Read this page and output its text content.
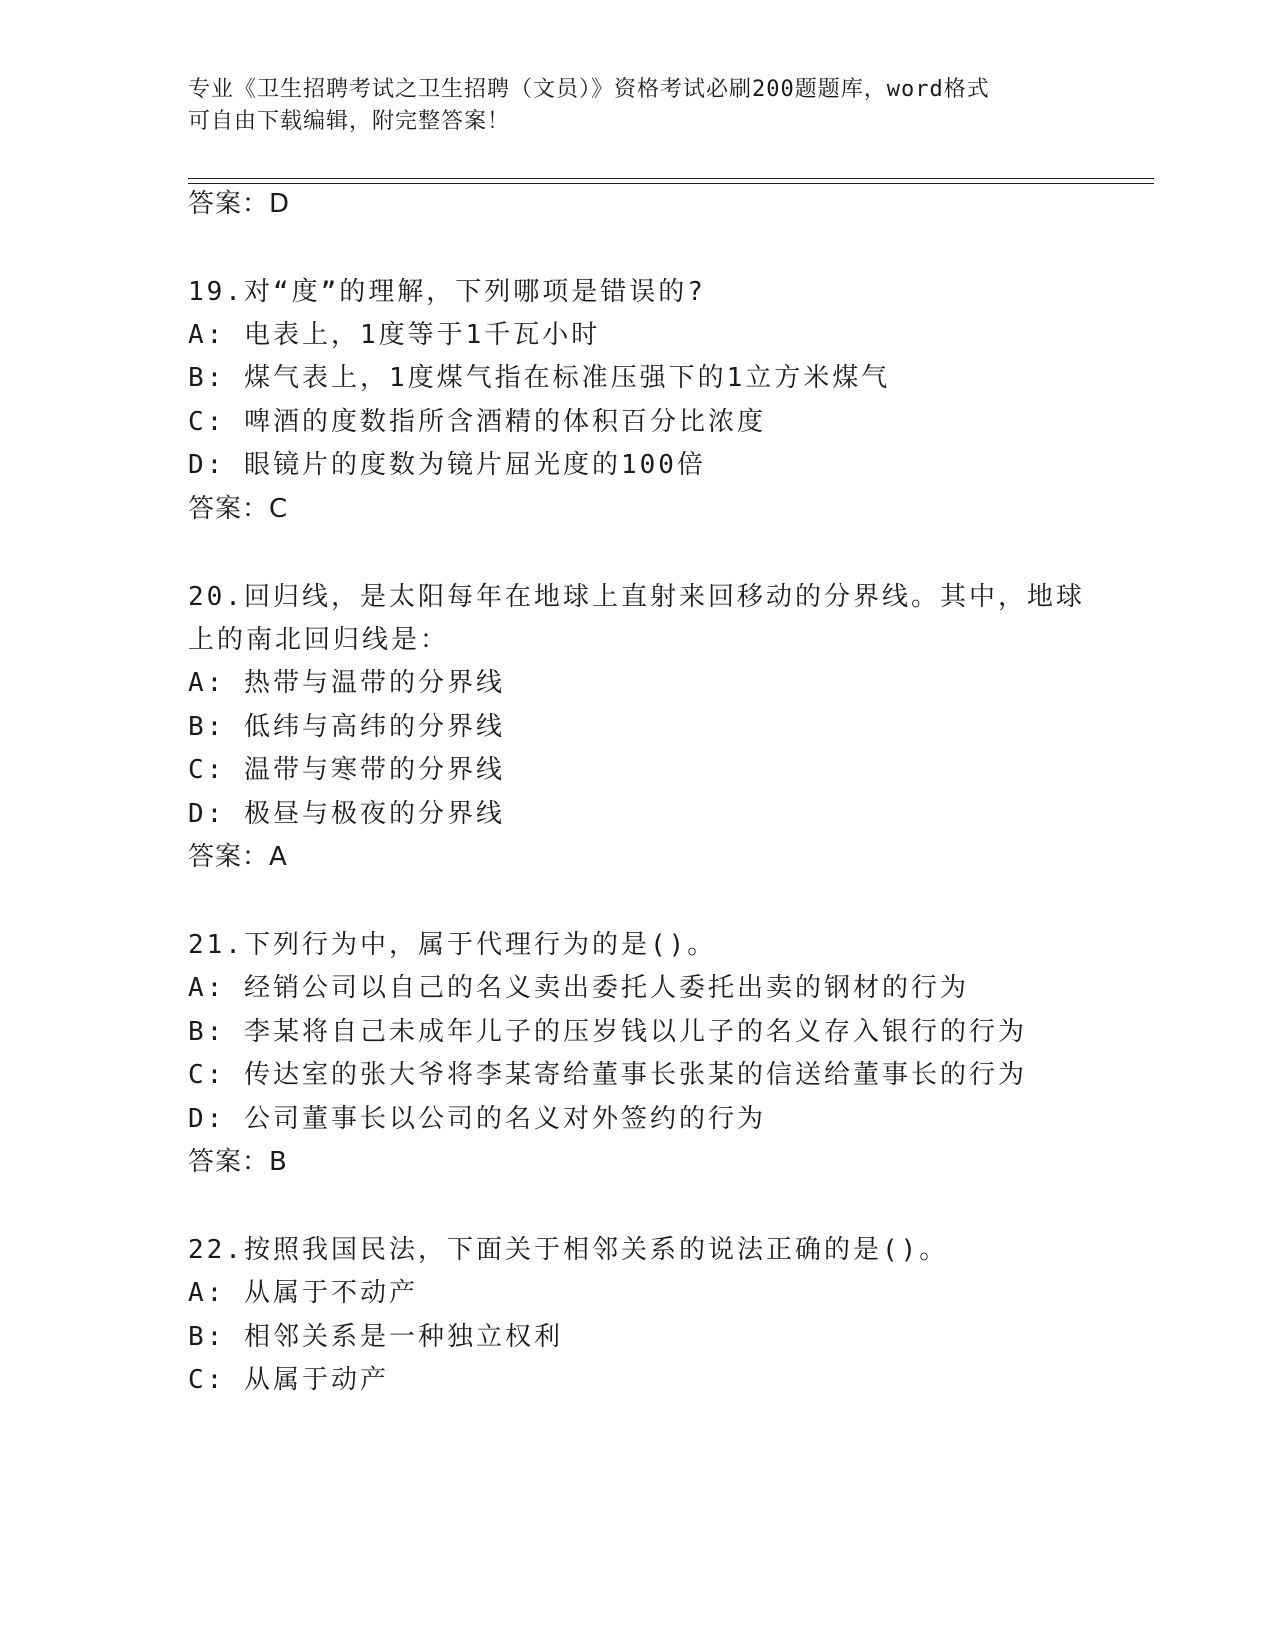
专业《卫生招聘考试之卫生招聘（文员）》资格考试必刷200题题库，word格式
可自由下载编辑，附完整答案！
答案：D
19.对“度”的理解，下列哪项是错误的?
A: 电表上，1度等于1千瓦小时
B: 煤气表上，1度煤气指在标准压强下的1立方米煤气
C: 啤酒的度数指所含酒精的体积百分比浓度
D: 眼镜片的度数为镜片屈光度的100倍
答案：C
20.回归线，是太阳每年在地球上直射来回移动的分界线。其中，地球
上的南北回归线是：
A: 热带与温带的分界线
B: 低纬与高纬的分界线
C: 温带与寒带的分界线
D: 极昼与极夜的分界线
答案：A
21.下列行为中，属于代理行为的是()。
A: 经销公司以自己的名义卖出委托人委托出卖的钢材的行为
B: 李某将自己未成年儿子的压岁钱以儿子的名义存入银行的行为
C: 传达室的张大爷将李某寄给董事长张某的信送给董事长的行为
D: 公司董事长以公司的名义对外签约的行为
答案：B
22.按照我国民法，下面关于相邻关系的说法正确的是()。
A: 从属于不动产
B: 相邻关系是一种独立权利
C: 从属于动产
